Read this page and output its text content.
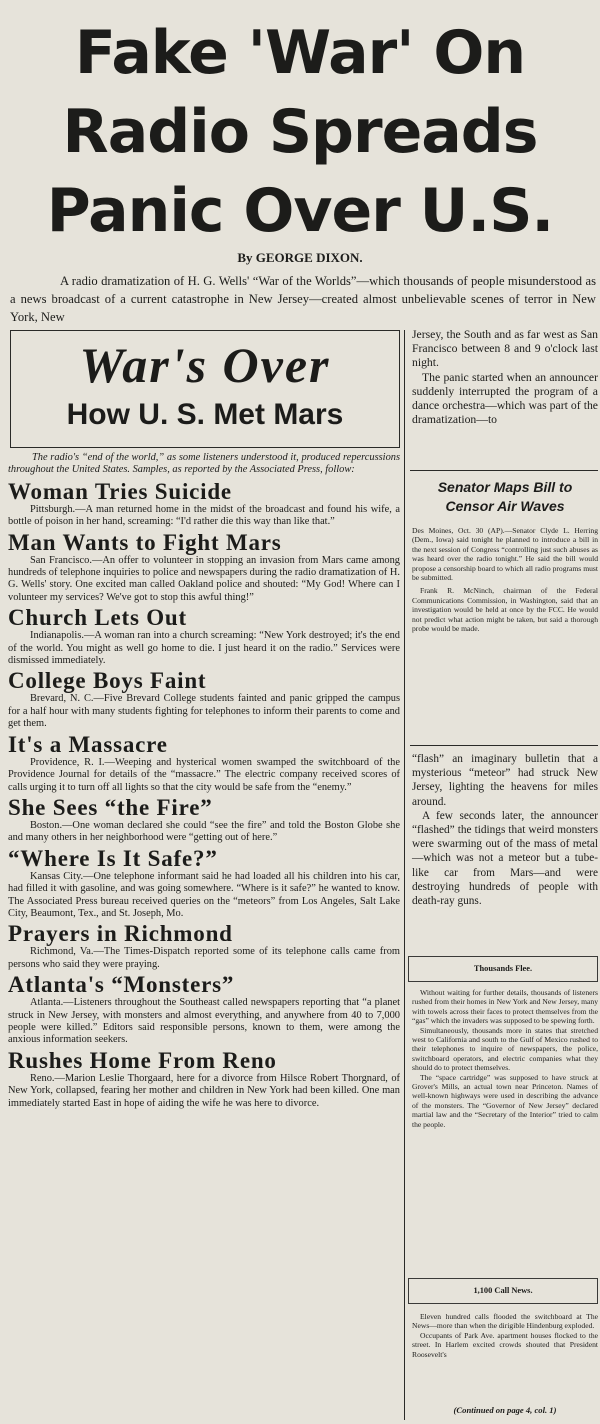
Fake 'War' On
Radio Spreads
Panic Over U.S.
By GEORGE DIXON.

A radio dramatization of H. G. Wells' “War of the Worlds”—which thousands of people misunderstood as a news broadcast of a current catastrophe in New Jersey—created almost unbelievable scenes of terror in New York, New

War's Over
How U. S. Met Mars

Jersey, the South and as far west as San Francisco between 8 and 9 o'clock last night.

The panic started when an announcer suddenly interrupted the program of a dance orchestra—which was part of the dramatization—to

Senator Maps Bill to
Censor Air Waves

Des Moines, Oct. 30 (AP).—Senator Clyde L. Herring (Dem., Iowa) said tonight he planned to introduce a bill in the next session of Congress “controlling just such abuses as was heard over the radio tonight.” He said the bill would propose a censorship board to which all radio programs must be submitted.

Frank R. McNinch, chairman of the Federal Communications Commission, in Washington, said that an investigation would be held at once by the FCC. He would not predict what action might be taken, but said a thorough probe would be made.

“flash” an imaginary bulletin that a mysterious “meteor” had struck New Jersey, lighting the heavens for miles around.

A few seconds later, the announcer “flashed” the tidings that weird monsters were swarming out of the mass of metal—which was not a meteor but a tube-like car from Mars—and were destroying hundreds of people with death-ray guns.

Thousands Flee.

Without waiting for further details, thousands of listeners rushed from their homes in New York and New Jersey, many with towels across their faces to protect themselves from the “gas” which the invaders was supposed to be spewing forth.

Simultaneously, thousands more in states that stretched west to California and south to the Gulf of Mexico rushed to their telephones to inquire of newspapers, the police, switchboard operators, and electric companies what they should do to protect themselves.

The “space cartridge” was supposed to have struck at Grover's Mills, an actual town near Princeton. Names of well-known highways were used in describing the advance of the monsters. The “Governor of New Jersey” declared martial law and the “Secretary of the Interior” tried to calm the people.

1,100 Call News.

Eleven hundred calls flooded the switchboard at The News—more than when the dirigible Hindenburg exploded.

Occupants of Park Ave. apartment houses flocked to the street. In Harlem excited crowds shouted that President Roosevelt's

(Continued on page 4, col. 1)

The radio's “end of the world,” as some listeners understood it, produced repercussions throughout the United States. Samples, as reported by the Associated Press, follow:

Woman Tries Suicide

Pittsburgh.—A man returned home in the midst of the broadcast and found his wife, a bottle of poison in her hand, screaming: “I'd rather die this way than like that.”

Man Wants to Fight Mars

San Francisco.—An offer to volunteer in stopping an invasion from Mars came among hundreds of telephone inquiries to police and newspapers during the radio dramatization of H. G. Wells' story. One excited man called Oakland police and shouted: “My God! Where can I volunteer my services? We've got to stop this awful thing!”

Church Lets Out

Indianapolis.—A woman ran into a church screaming: “New York destroyed; it's the end of the world. You might as well go home to die. I just heard it on the radio.” Services were dismissed immediately.

College Boys Faint

Brevard, N. C.—Five Brevard College students fainted and panic gripped the campus for a half hour with many students fighting for telephones to inform their parents to come and get them.

It's a Massacre

Providence, R. I.—Weeping and hysterical women swamped the switchboard of the Providence Journal for details of the “massacre.” The electric company received scores of calls urging it to turn off all lights so that the city would be safe from the “enemy.”

She Sees “the Fire”

Boston.—One woman declared she could “see the fire” and told the Boston Globe she and many others in her neighborhood were “getting out of here.”

“Where Is It Safe?”

Kansas City.—One telephone informant said he had loaded all his children into his car, had filled it with gasoline, and was going somewhere. “Where is it safe?” he wanted to know. The Associated Press bureau received queries on the “meteors” from Los Angeles, Salt Lake City, Beaumont, Tex., and St. Joseph, Mo.

Prayers in Richmond

Richmond, Va.—The Times-Dispatch reported some of its telephone calls came from persons who said they were praying.

Atlanta's “Monsters”

Atlanta.—Listeners throughout the Southeast called newspapers reporting that “a planet struck in New Jersey, with monsters and almost everything, and anywhere from 40 to 7,000 people were killed.” Editors said responsible persons, known to them, were among the anxious information seekers.

Rushes Home From Reno

Reno.—Marion Leslie Thorgaard, here for a divorce from Hilsce Robert Thorgnard, of New York, collapsed, fearing her mother and children in New York had been killed. One man immediately started East in hope of aiding the wife he was here to divorce.
